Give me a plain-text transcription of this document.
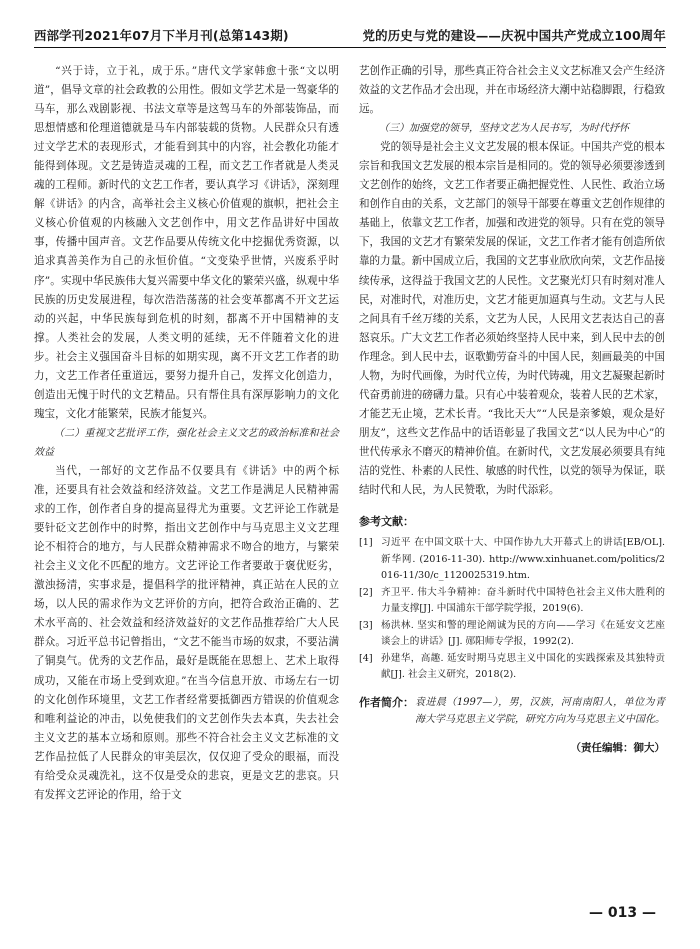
西部学刊2021年07月下半月刊(总第143期)	党的历史与党的建设——庆祝中国共产党成立100周年

“兴于诗，立于礼，成于乐。”唐代文学家韩愈十张“文以明道”，倡导文章的社会政教的公用性。假如文学艺术是一驾豪华的马车，那么戏剧影视、书法文章等是这驾马车的外部装饰品，而思想情感和伦理道德就是马车内部装载的货物。人民群众只有透过文学艺术的表现形式，才能看到其中的内容，社会教化功能才能得到体现。文艺是铸造灵魂的工程，而文艺工作者就是人类灵魂的工程师。新时代的文艺工作者，要认真学习《讲话》，深刻理解《讲话》的内含，高举社会主义核心价值观的旗帜，把社会主义核心价值观的内核融入文艺创作中，用文艺作品讲好中国故事，传播中国声音。文艺作品要从传统文化中挖掘优秀资源，以追求真善美作为自己的永恒价值。“文变染乎世情，兴废系乎时序”。实现中华民族伟大复兴需要中华文化的繁荣兴盛，纵观中华民族的历史发展进程，每次浩浩荡荡的社会变革都离不开文艺运动的兴起，中华民族每到危机的时刻，都离不开中国精神的支撑。人类社会的发展，人类文明的延续，无不伴随着文化的进步。社会主义强国奋斗目标的如期实现，离不开文艺工作者的助力，文艺工作者任重道远，要努力提升自己，发挥文化创造力，创造出无愧于时代的文艺精品。只有帮住具有深厚影响力的文化瑰宝，文化才能繁荣，民族才能复兴。

（二）重视文艺批评工作，强化社会主义文艺的政治标准和社会效益

当代，一部好的文艺作品不仅要具有《讲话》中的两个标准，还要具有社会效益和经济效益。文艺工作是满足人民精神需求的工作，创作者自身的提高显得尤为重要。文艺评论工作就是要针砭文艺创作中的时弊，指出文艺创作中与马克思主义文艺理论不相符合的地方，与人民群众精神需求不吻合的地方，与繁荣社会主义文化不匹配的地方。文艺评论工作者要敢于褒优贬劣，激浊扬清，实事求是，提倡科学的批评精神，真正站在人民的立场，以人民的需求作为文艺评价的方向，把符合政治正确的、艺术水平高的、社会效益和经济效益好的文艺作品推荐给广大人民群众。习近平总书记曾指出，“文艺不能当市场的奴隶，不要沾满了铜臭气。优秀的文艺作品，最好是既能在思想上、艺术上取得成功，又能在市场上受到欢迎。”在当今信息开放、市场左右一切的文化创作环境里，文艺工作者经常要抵御西方错误的价值观念和唯利益论的冲击，以免使我们的文艺创作失去本真，失去社会主义文艺的基本立场和原则。那些不符合社会主义文艺标准的文艺作品拉低了人民群众的审美层次，仅仅迎了受众的眼福，而没有给受众灵魂洗礼，这不仅是受众的悲哀，更是文艺的悲哀。只有发挥文艺评论的作用，给于文

艺创作正确的引导，那些真正符合社会主义文艺标准又会产生经济效益的文艺作品才会出现，并在市场经济大潮中站稳脚跟，行稳致远。

（三）加强党的领导，坚持文艺为人民书写，为时代抒怀

党的领导是社会主义文艺发展的根本保证。中国共产党的根本宗旨和我国文艺发展的根本宗旨是相同的。党的领导必须要渗透到文艺创作的始终，文艺工作者要正确把握党性、人民性、政治立场和创作自由的关系，文艺部门的领导干部要在尊重文艺创作规律的基础上，依靠文艺工作者，加强和改进党的领导。只有在党的领导下，我国的文艺才有繁荣发展的保证，文艺工作者才能有创造所依靠的力量。新中国成立后，我国的文艺事业欣欣向荣，文艺作品接续传承，这得益于我国文艺的人民性。文艺聚光灯只有时刻对准人民，对准时代，对准历史，文艺才能更加逼真与生动。文艺与人民之间具有千丝万缕的关系，文艺为人民，人民用文艺表达自己的喜怒哀乐。广大文艺工作者必须始终坚持人民中来，到人民中去的创作理念。到人民中去，讴歌勤劳奋斗的中国人民，刻画最美的中国人物，为时代画像，为时代立传，为时代铸魂，用文艺凝聚起新时代奋勇前进的磅礴力量。只有心中装着观众，装着人民的艺术家，才能艺无止境，艺术长青。“我比天大”“人民是亲爹娘，观众是好朋友”，这些文艺作品中的话语彰显了我国文艺“以人民为中心”的世代传承永不磨灭的精神价值。在新时代，文艺发展必须要具有纯洁的党性、朴素的人民性、敏感的时代性，以党的领导为保证，联结时代和人民，为人民赞歌，为时代添彩。

参考文献：
[1] 习近平 在中国文联十大、中国作协九大开幕式上的讲话[EB/OL]. 新华网. (2016-11-30). http://www.xinhuanet.com/politics/2016-11/30/c_1120025319.htm.
[2] 齐卫平. 伟大斗争精神：奋斗新时代中国特色社会主义伟大胜利的力量支撑[J]. 中国浦东干部学院学报，2019(6).
[3] 杨洪林. 坚实和警的理论阐诚为民的方向——学习《在延安文艺座谈会上的讲话》[J]. 郧阳师专学报，1992(2).
[4] 孙建华，高趣. 延安时期马克思主义中国化的实践探索及其独特贡献[J]. 社会主义研究，2018(2).
作者简介： 袁进晨（1997—），男，汉族，河南南阳人，单位为青海大学马克思主义学院，研究方向为马克思主义中国化。
（责任编辑：御大）
— 013 —
